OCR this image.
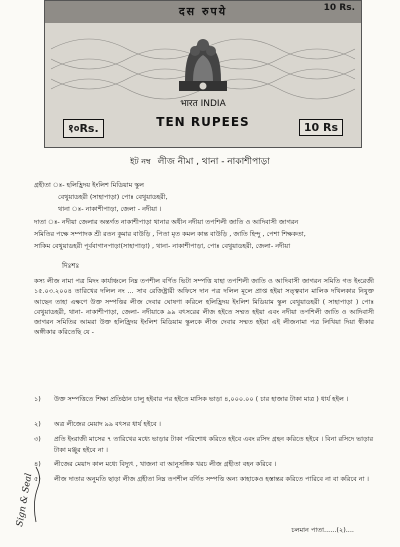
दस रुपये	10 Rs.
भारत INDIA
१०Rs.	TEN RUPEES	10 Rs
ইট নম্ব লীজ নীমা , থানা - নাকাশীপাড়া
গ্রহীতা ঃ- হলিহ্রিদয় ইংলিশ মিডিয়াম স্কুল
বেথুয়াডহরী (সাহাপাড়া) পোঃ বেথুয়াডহরী,
থানা ঃ- নাকাশীপাড়া, জেলা - নদীয়া ।
দাতা ঃ- নদীয়া জেলার অন্তর্গত নাকাশীপাড়া থানার অধীন নদীয়া তপশিলী জাতি ও আদিবাসী জাগরন
সমিতির পক্ষে সম্পাদক শ্রী রতন কুমার বাউড়ি , পিতা মৃত কমল কান্ত বাউড়ি , জাতি হিন্দু , পেশা শিক্ষকতা,
সাকিম বেথুয়াডহরী পূর্ববাগানপাড়া(সাহাপাড়া) , থানা- নাকাশীপাড়া, পোঃ বেথুয়াডহরী, জেলা- নদীয়া
দিঃশঃ
কস্য লীজ নামা পত্র মিদং কার্যাঞ্চলে নিম্ন তপশীল বর্ণিত ভিটা সম্পত্তি যাহা তপশিলী জাতি ও আদিবাসী জাগরন সমিতি গত ইংরেজী ১৫.০৩.২০০৪ তারিখের দলিল নং ... সাব রেজিষ্ট্রারী অফিসে দান পত্র দলিল মূলে প্রাপ্ত হইয়া সত্ত্ববান মালিক দখিলকার নিযুক্ত আছেন তাহা এক্ষণে উক্ত সম্পত্তির লীজ দেবার ঘোষণা করিলে হলিহ্রিদয় ইংলিশ মিডিয়াম স্কুল বেথুয়াডহরী ( সাহাপাড়া ) পোঃ বেথুয়াডহরী, থানা- নাকাশীপাড়া, জেলা- নদীয়াকে ৯৯ বৎসরের লীজ হইতে সম্মত হইয়া এবং নদীয়া তপশিলী জাতি ও আদিবাসী জাগরন সমিতির আমরা উক্ত হলিহ্রিদয় ইংলিশ মিডিয়াম স্কুলকে লীজ দেবার সম্মত হইয়া এই লীজনামা পত্র লিখিয়া দিয়া স্বীকার অঙ্গীকার করিতেছি যে -
১)	উক্ত সম্পত্তিতে শিক্ষা প্রতিষ্ঠান চালু হইবার পর হইতে মাসিক ভাড়া ৪,০০০.০০ ( চার হাজার টাকা মাত্র ) ধার্য হইল ।
২)	অত্র লীজের মেয়াদ ৯৯ বৎসর ধার্য হইবে ।
৩)	প্রতি ইংরাজী মাসের ৭ তারিখের মধ্যে ভাড়ার টাকা পরিশোধ করিতে হইবে এবং রসিদ গ্রহন করিতে হইবে । বিনা রসিদে ভাড়ার টাকা মঞ্জুর হইবে না ।
৪)	লীজের মেয়াদ কাল মধ্যে বিদ্যুৎ , খাজনা বা আনুসঙ্গিক খরচ লীজ গ্রহীতা বহন করিবে ।
৫)	লীজ দাতার অনুমতি ছাড়া লীজ গ্রহীতা নিম্ন তপশীল বর্ণিত সম্পত্তি অন্য কাহাকেও হস্তান্তর করিতে পারিবে না বা করিবে না ।
Sign & Seal
চলমান পাতা......(২)....
